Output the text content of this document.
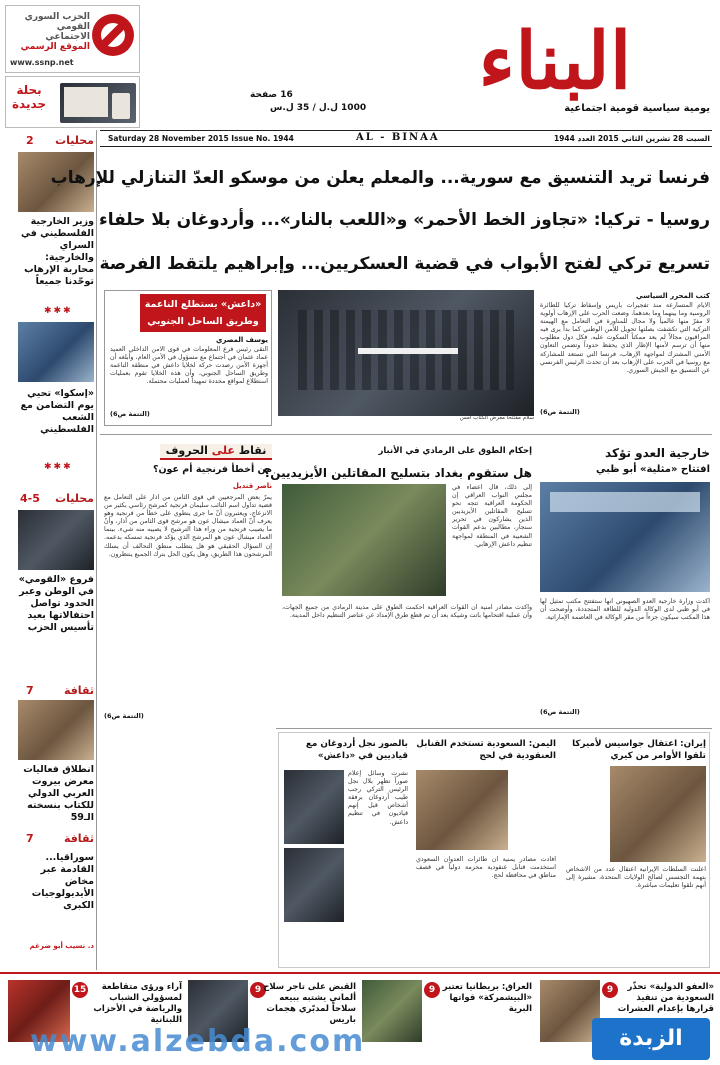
الحزب السوري
القومي الاجتماعي
الموقع الرسمي
www.ssnp.net
بحلة
جديدة
16 صفحة
1000 ل.ل / 35 ل.س
البناء
يومية سياسية قومية اجتماعية
Saturday 28 November 2015 Issue No. 1944	AL - BINAA	السبت 28 تشرين الثاني 2015 العدد 1944
محليات
2
وزير الخارجية الفلسطيني في السراي والخارجية: محاربة الإرهاب توحّدنا جميعاً
✱✱✱
«إسكوا» تحيي يوم التضامن مع الشعب الفلسطيني
✱✱✱
محليات
4-5
فروع «القومي» في الوطن وعبر الحدود تواصل احتفالاتها بعيد تأسيس الحزب
ثقافة
7
انطلاق فعاليات معرض بيروت العربي الدولي للكتاب بنسخته الـ59
ثقافة
7
سوراقيا... القادمة عبر مخاض الأيديولوجيات الكبرى
د. نسيب أبو ضرغم
فرنسا تريد التنسيق مع سورية... والمعلم يعلن من موسكو العدّ التنازلي للإرهاب
روسيا - تركيا: «تجاوز الخط الأحمر» و«اللعب بالنار»... وأردوغان بلا حلفاء
تسريع تركي لفتح الأبواب في قضية العسكريين... وإبراهيم يلتقط الفرصة
كتب المحرر السياسي
الأيام المتسارعة منذ تفجيرات باريس وإسقاط تركيا للطائرة الروسية وما بينهما وما بعدهما، وضعت الحرب على الإرهاب أولوية لا مفرّ منها عالمياً ولا مجال للمناورة في التعامل مع الهيمنة التركية التي تكشفت بصلتها تحويل للأمن الوطني كما بدأ يرى فيه المراقبون مجالاً لم يعد ممكناً السكوت عليه. فكل دول مطلوب منها أن ترسم لأمنها الإطار الذي يحفظ حدوداً وتضمن التعاون الأمني المشترك لمواجهة الإرهاب، فرنسا التي تستعد للمشاركة مع روسيا في الحرب على الإرهاب بعد أن تحدث الرئيس الفرنسي عن التنسيق مع الجيش السوري.
(التتمة ص6)
سلام مفتتحاً معرض الكتاب أمس
«داعش» يستطلع الناعمة
وطريق الساحل الجنوبي
يوسف المصري
التقى رئيس فرع المعلومات في قوى الأمن الداخلي العميد عماد عثمان في اجتماع مع مسؤول في الأمن العام، وأبلغه أن أجهزة الأمن رصدت حركة لخلايا داعش في منطقة الناعمة وطريق الساحل الجنوبي، وأن هذه الخلايا تقوم بعمليات استطلاع لمواقع محددة تمهيداً لعمليات محتملة.
(التتمة ص6)
نقاط على الحروف
من أخطأ فرنجية أم عون؟
ناصر قنديل
يمرّ بعض المرجعيين في قوى الثامن من آذار على التعامل مع قضية تداول اسم النائب سليمان فرنجية كمرشح رئاسي بكثير من الانزعاج، ويعتبرون أنّ ما جرى ينطوي على خطأ من فرنجية وهو يعرف أنّ العماد ميشال عون هو مرشح قوى الثامن من آذار، وأنّ ما يصيب فرنجية من وراء هذا الترشيح لا يصيبه منه شيء. بينما العماد ميشال عون هو المرشح الذي يؤكد فرنجية تمسكه بدعمه. إن السؤال الحقيقي هو هل يتطلب منطق التحالف أن يسلك المرشحون هذا الطريق، وهل يكون الحل بترك الجميع ينتظرون.
(التتمة ص6)
إحكام الطوق على الرمادي في الأنبار
هل ستقوم بغداد بتسليح المقاتلين الأيزيديين؟
إلى ذلك، قال أعضاء في مجلس النواب العراقي إن الحكومة العراقية تتجه نحو تسليح المقاتلين الأيزيديين الذين يشاركون في تحرير سنجار، مطالبين بدعم القوات الشعبية في المنطقة لمواجهة تنظيم داعش الإرهابي.
وأكدت مصادر أمنية أن القوات العراقية أحكمت الطوق على مدينة الرمادي من جميع الجهات، وأن عملية اقتحامها باتت وشيكة بعد أن تم قطع طرق الإمداد عن عناصر التنظيم داخل المدينة.
خارجية العدو تؤكد
افتتاح «مثلية» أبو ظبي
أكدت وزارة خارجية العدو الصهيوني أنها ستفتتح مكتب تمثيل لها في أبو ظبي لدى الوكالة الدولية للطاقة المتجددة، وأوضحت أن هذا المكتب سيكون جزءاً من مقر الوكالة في العاصمة الإماراتية.
(التتمة ص6)
إيران: اعتقال جواسيس لأميركا تلقوا الأوامر من كيري
أعلنت السلطات الإيرانية اعتقال عدد من الأشخاص بتهمة التجسس لصالح الولايات المتحدة، مشيرة إلى أنهم تلقوا تعليمات مباشرة.
اليمن: السعودية تستخدم القنابل العنقودية في لحج
أفادت مصادر يمنية أن طائرات العدوان السعودي استخدمت قنابل عنقودية محرمة دولياً في قصف مناطق في محافظة لحج.
بالصور نجل أردوغان مع قياديين في «داعش»
نشرت وسائل إعلام صوراً تظهر بلال نجل الرئيس التركي رجب طيب أردوغان برفقة أشخاص قيل إنهم قياديون في تنظيم داعش.
9	«العفو الدولية» تحذّر السعودية من تنفيذ قرارها بإعدام العشرات
9 العراق: بريطانيا تعتبر «البيشمركة» قواتها البرية
9 القبض على تاجر سلاح ألماني يشتبه ببيعه سلاحاً لمدبّري هجمات باريس
15	آراء ورؤى متقاطعة لمسؤولي الشباب والرياضة في الأحزاب اللبنانية
www.alzebda.com	الزبدة
